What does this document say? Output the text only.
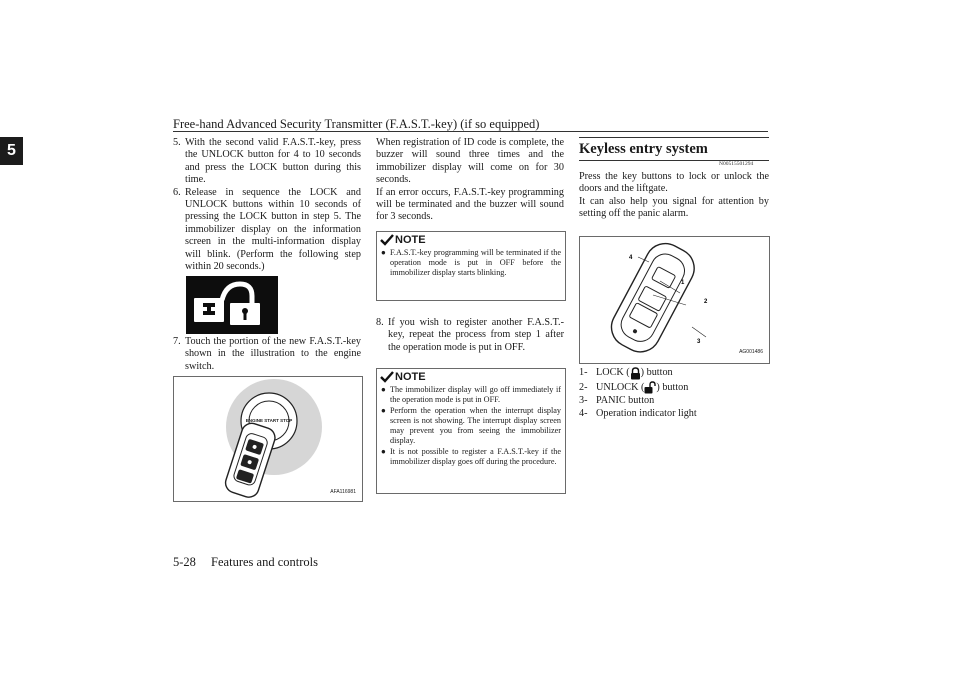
Free-hand Advanced Security Transmitter (F.A.S.T.-key) (if so equipped)
5	5. With the second valid F.A.S.T.-key, press the UNLOCK button for 4 to 10 seconds and press the LOCK button during this time.
6. Release in sequence the LOCK and UNLOCK buttons within 10 seconds of pressing the LOCK button in step 5. The immobilizer display on the information screen in the multi-information display will blink. (Perform the following step within 20 seconds.)
7. Touch the portion of the new F.A.S.T.-key shown in the illustration to the engine switch.
ENGINE START STOP
AFA116981
When registration of ID code is complete, the buzzer will sound three times and the immobilizer display will come on for 30 seconds.
If an error occurs, F.A.S.T.-key programming will be terminated and the buzzer will sound for 3 seconds.
NOTE
● F.A.S.T.-key programming will be terminated if the operation mode is put in OFF before the immobilizer display starts blinking.
8. If you wish to register another F.A.S.T.-key, repeat the process from step 1 after the operation mode is put in OFF.
NOTE
● The immobilizer display will go off immediately if the operation mode is put in OFF.
● Perform the operation when the interrupt display screen is not showing. The interrupt display screen may prevent you from seeing the immobilizer display.
● It is not possible to register a F.A.S.T.-key if the immobilizer display goes off during the procedure.
Keyless entry system
N00515501294
Press the key buttons to lock or unlock the doors and the liftgate.
It can also help you signal for attention by setting off the panic alarm.
1
2
3
4
AG001486
1- LOCK ( ) button
2- UNLOCK ( ) button
3- PANIC button
4- Operation indicator light
5-28 Features and controls
